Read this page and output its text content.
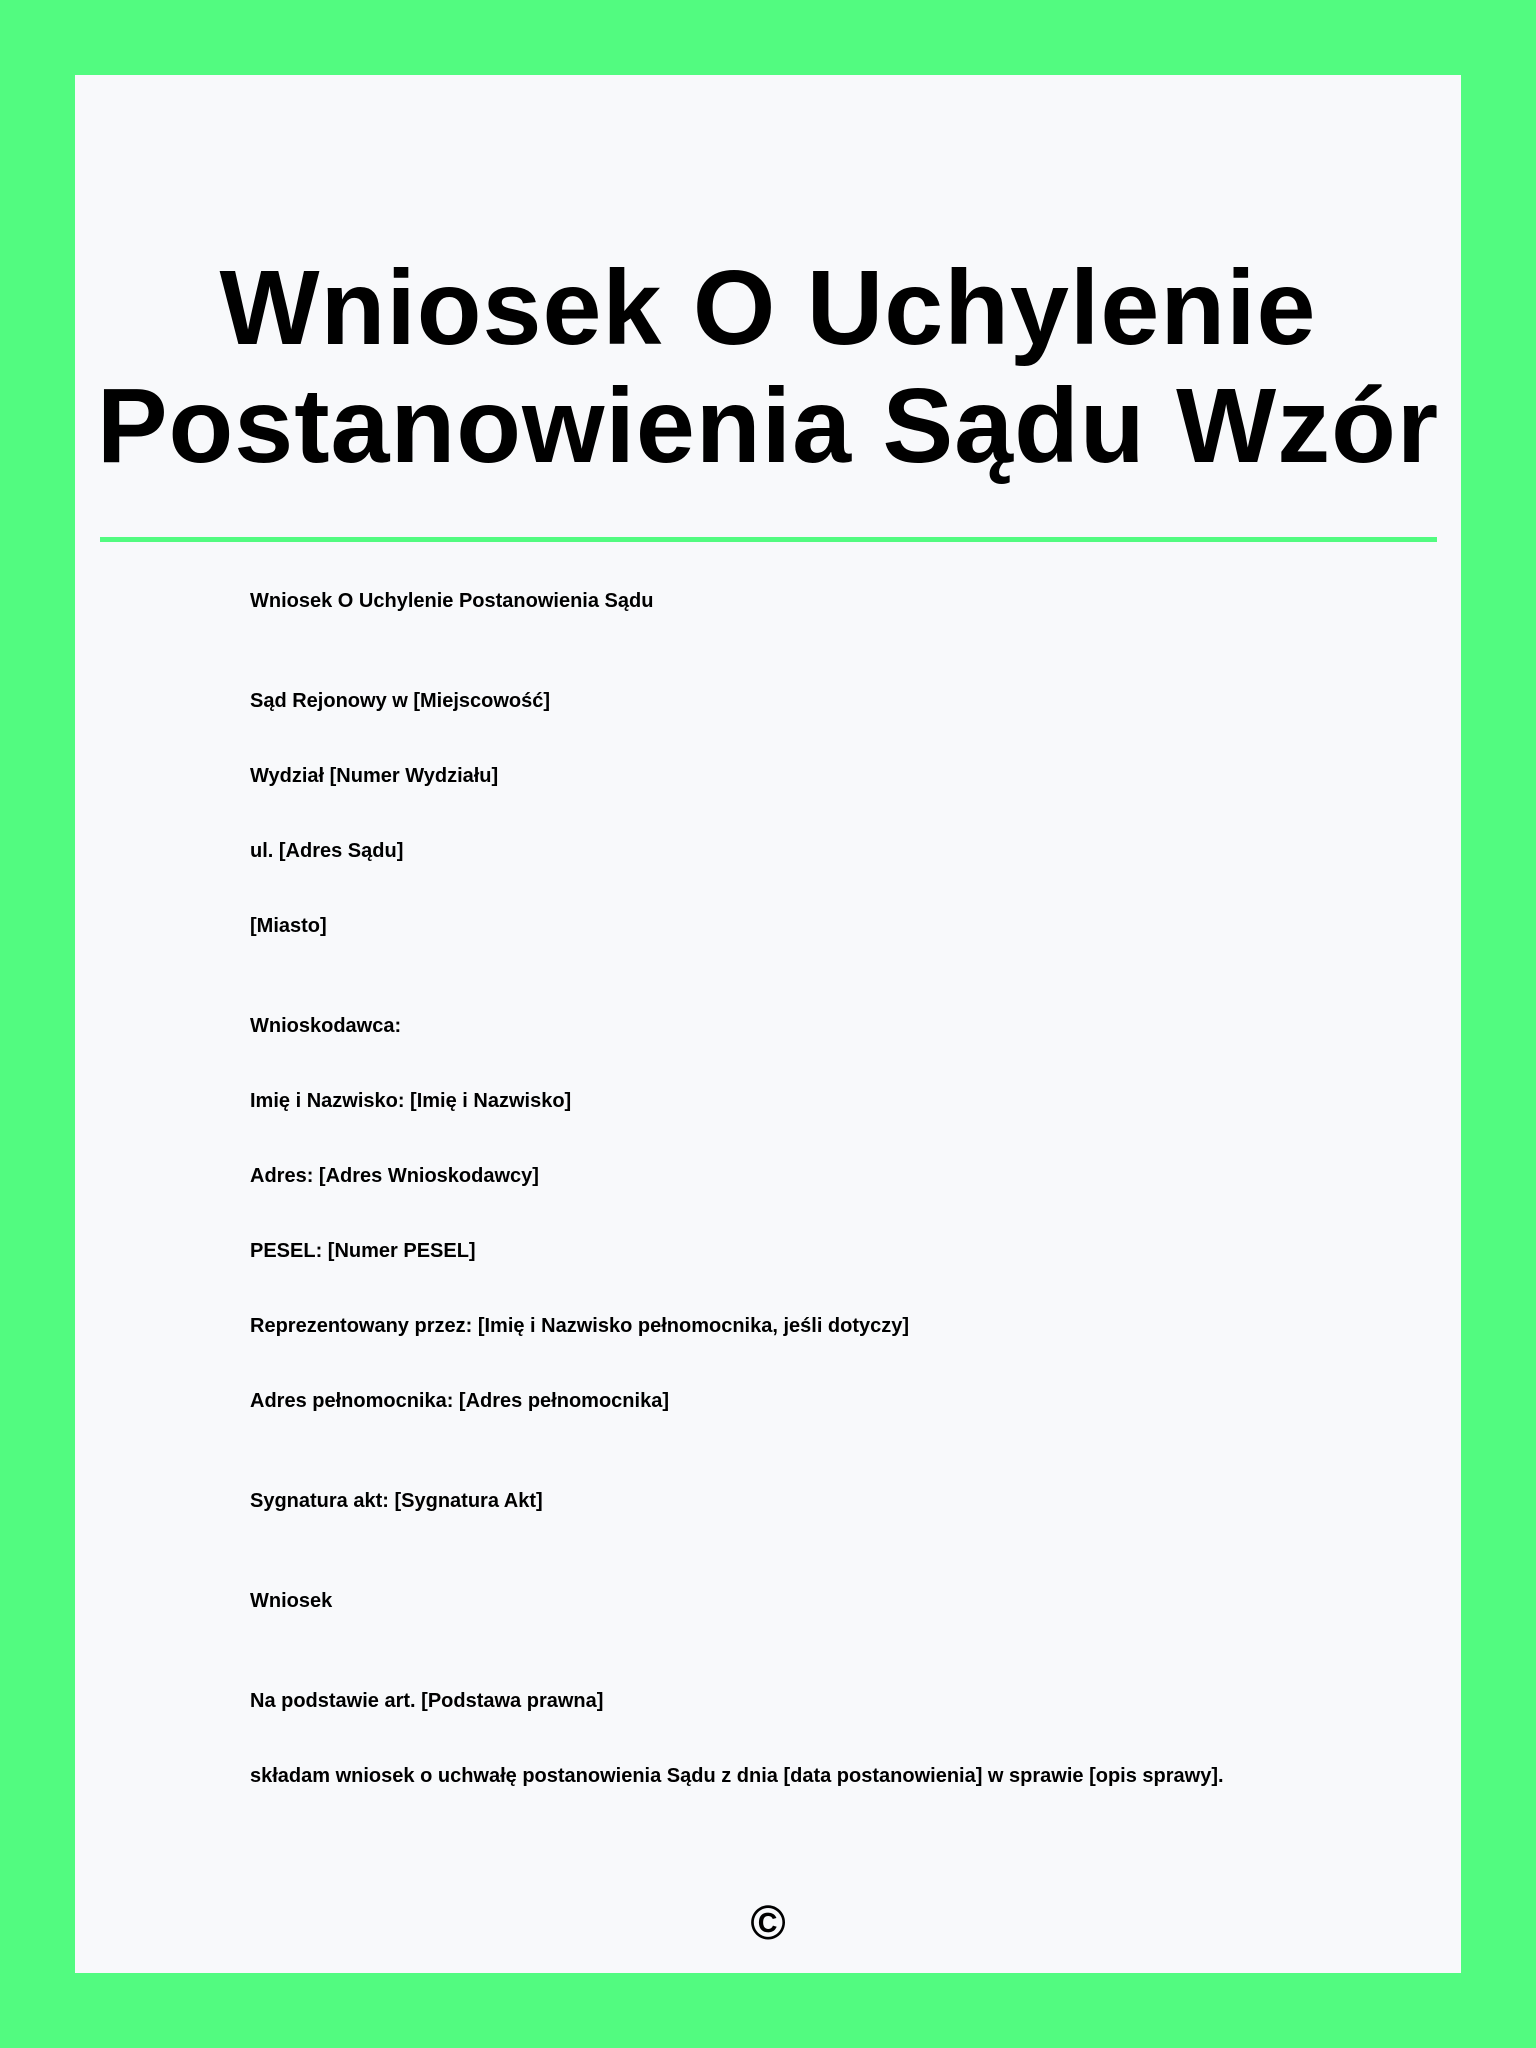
Wniosek O Uchylenie Postanowienia Sądu Wzór

Wniosek O Uchylenie Postanowienia Sądu

Sąd Rejonowy w [Miejscowość]

Wydział [Numer Wydziału]

ul. [Adres Sądu]

[Miasto]

Wnioskodawca:

Imię i Nazwisko: [Imię i Nazwisko]

Adres: [Adres Wnioskodawcy]

PESEL: [Numer PESEL]

Reprezentowany przez: [Imię i Nazwisko pełnomocnika, jeśli dotyczy]

Adres pełnomocnika: [Adres pełnomocnika]

Sygnatura akt: [Sygnatura Akt]

Wniosek

Na podstawie art. [Podstawa prawna]

składam wniosek o uchwałę postanowienia Sądu z dnia [data postanowienia] w sprawie [opis sprawy].

©
